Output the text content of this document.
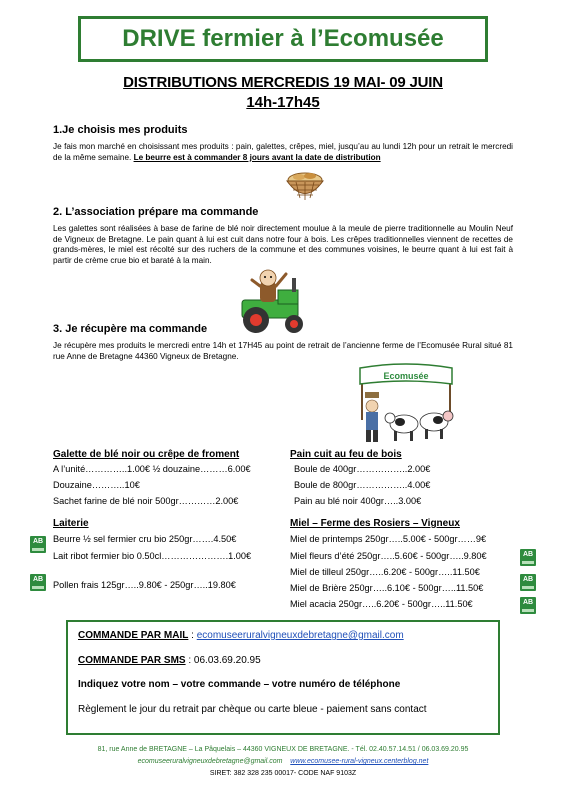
DRIVE fermier à l’Ecomusée
DISTRIBUTIONS MERCREDIS 19 MAI- 09 JUIN
14h-17h45
1.Je choisis mes produits
Je fais mon marché en choisissant mes produits : pain, galettes, crêpes, miel, jusqu’au au lundi 12h pour un retrait le mercredi de la même semaine. Le beurre est à commander 8 jours avant la date de distribution
2. L’association prépare ma commande
Les galettes sont réalisées à base de farine de blé noir directement moulue à la meule de pierre traditionnelle au Moulin Neuf de Vigneux de Bretagne. Le pain quant à lui est cuit dans notre four à bois. Les crêpes traditionnelles viennent de recettes de grands-mères, le miel est récolté sur des ruchers de la commune et des communes voisines, le beurre quant à lui est fait à partir de crème crue bio et baraté à la main.
3. Je récupère ma commande
Je récupère mes produits le mercredi entre 14h et 17H45 au point de retrait de l’ancienne ferme de l’Ecomusée Rural situé 81 rue Anne de Bretagne 44360 Vigneux de Bretagne.
Ecomusée
Galette de blé noir ou crêpe de froment
A l’unité…………..1.00€ ½ douzaine………6.00€
Douzaine………..10€
Sachet farine de blé noir 500gr…………2.00€
Pain cuit au feu de bois
Boule de 400gr……………..2.00€
Boule de 800gr……………..4.00€
Pain au blé noir 400gr…..3.00€
Laiterie
Beurre ½ sel fermier cru bio 250gr…….4.50€
Lait ribot fermier bio 0.50cl………………….1.00€
Pollen frais 125gr…..9.80€ - 250gr…..19.80€
AB
AB
Miel – Ferme des Rosiers – Vigneux
Miel de printemps 250gr…..5.00€ - 500gr……9€
Miel fleurs d’été 250gr…..5.60€ - 500gr…..9.80€
Miel de tilleul 250gr…..6.20€ - 500gr…..11.50€
Miel de Brière 250gr…..6.10€ - 500gr…..11.50€
Miel acacia 250gr…..6.20€ - 500gr…..11.50€
AB
AB
AB
COMMANDE PAR MAIL : ecomuseeruralvigneuxdebretagne@gmail.com
COMMANDE PAR SMS : 06.03.69.20.95
Indiquez votre nom – votre commande – votre numéro de téléphone
Règlement le jour du retrait par chèque ou carte bleue - paiement sans contact
81, rue Anne de BRETAGNE – La Pâquelais – 44360 VIGNEUX DE BRETAGNE. - Tél. 02.40.57.14.51 / 06.03.69.20.95
ecomuseeruralvigneuxdebretagne@gmail.com www.ecomusee-rural-vigneux.centerblog.net
SIRET: 382 328 235 00017- CODE NAF 9103Z
